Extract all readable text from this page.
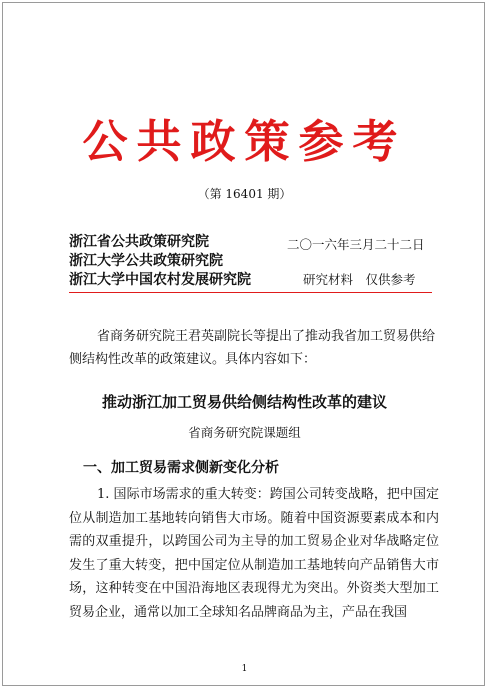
公共政策参考
（第 16401 期）
浙江省公共政策研究院
浙江大学公共政策研究院
浙江大学中国农村发展研究院
二〇一六年三月二十二日
研究材料　仅供参考
省商务研究院王君英副院长等提出了推动我省加工贸易供给侧结构性改革的政策建议。具体内容如下：
推动浙江加工贸易供给侧结构性改革的建议
省商务研究院课题组
一、加工贸易需求侧新变化分析
1. 国际市场需求的重大转变：跨国公司转变战略，把中国定位从制造加工基地转向销售大市场。随着中国资源要素成本和内需的双重提升，以跨国公司为主导的加工贸易企业对华战略定位发生了重大转变，把中国定位从制造加工基地转向产品销售大市场，这种转变在中国沿海地区表现得尤为突出。外资类大型加工贸易企业，通常以加工全球知名品牌商品为主，产品在我国
1
